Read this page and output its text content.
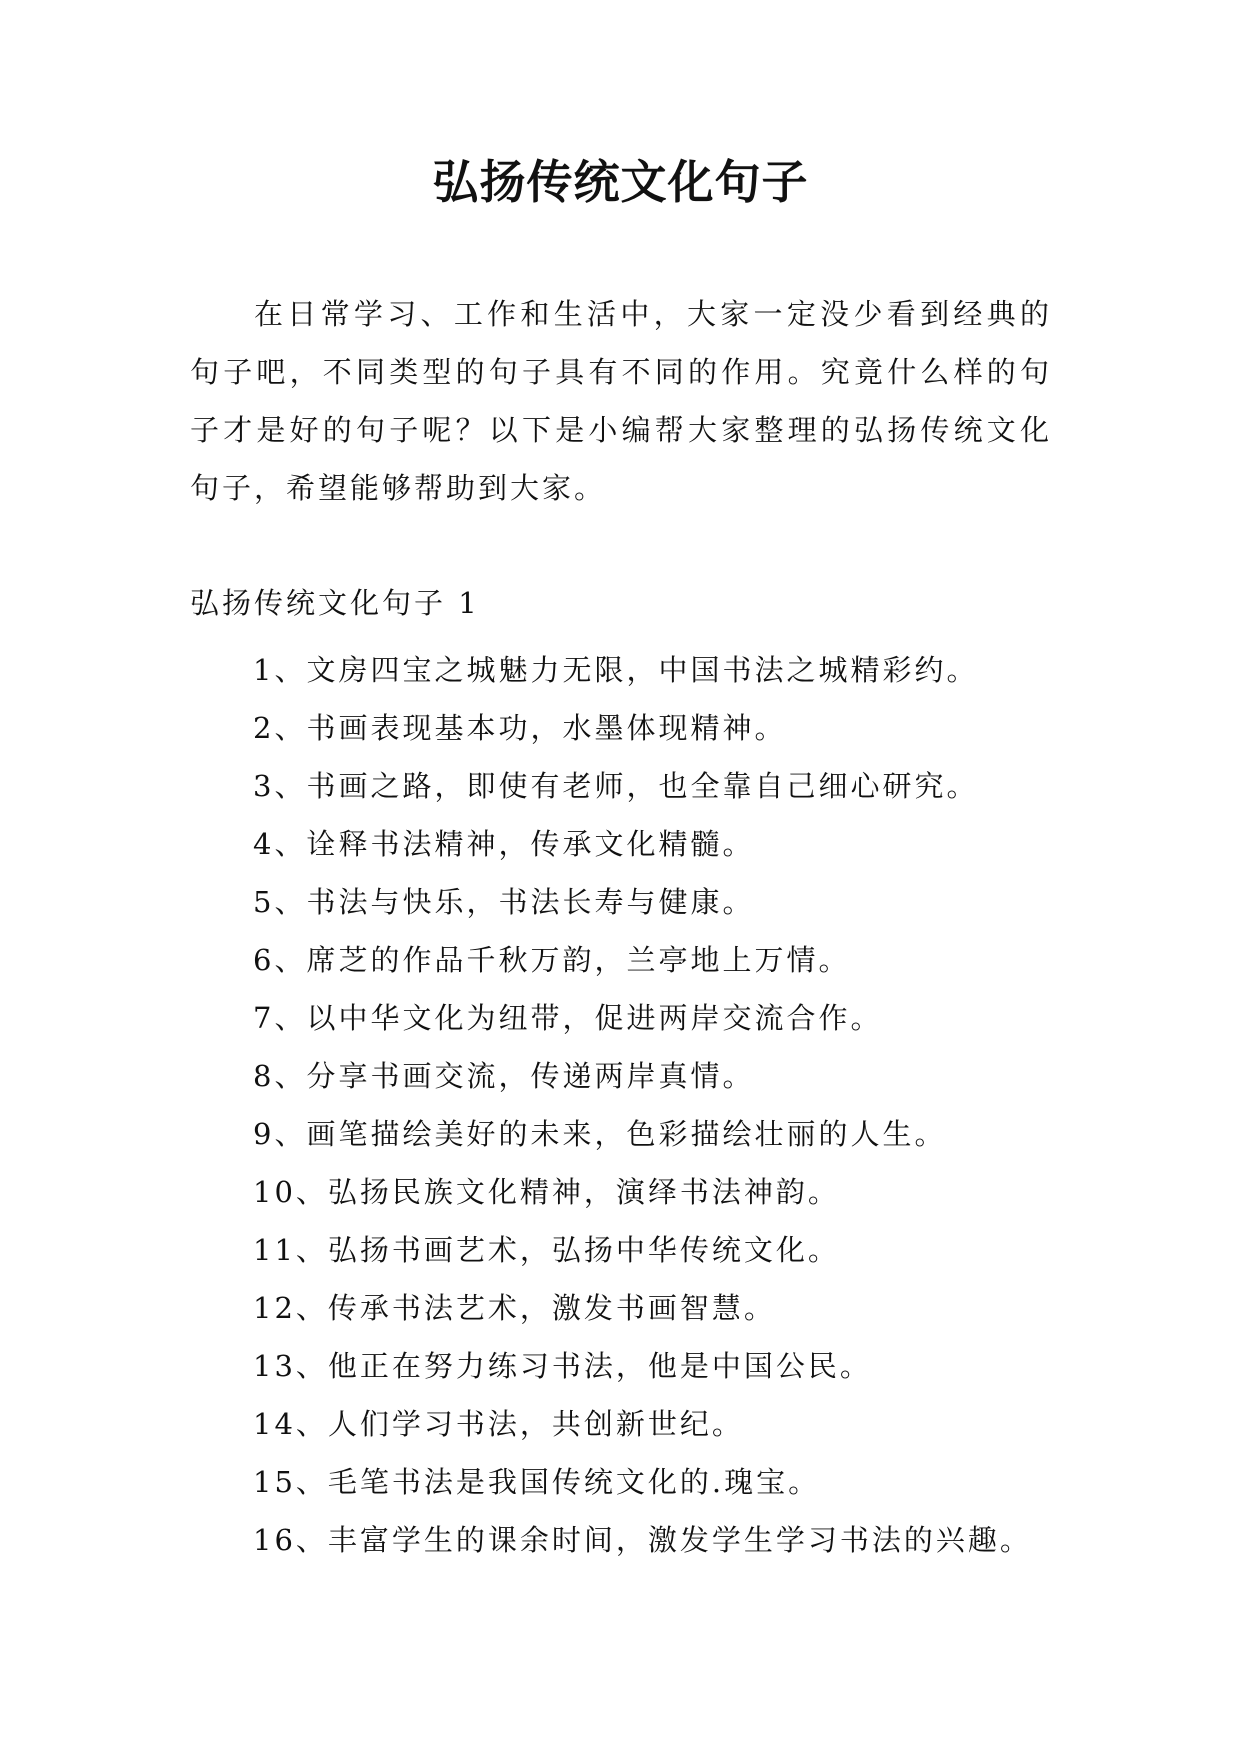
弘扬传统文化句子
在日常学习、工作和生活中，大家一定没少看到经典的句子吧，不同类型的句子具有不同的作用。究竟什么样的句子才是好的句子呢？以下是小编帮大家整理的弘扬传统文化句子，希望能够帮助到大家。
弘扬传统文化句子 1
1、文房四宝之城魅力无限，中国书法之城精彩约。
2、书画表现基本功，水墨体现精神。
3、书画之路，即使有老师，也全靠自己细心研究。
4、诠释书法精神，传承文化精髓。
5、书法与快乐，书法长寿与健康。
6、席芝的作品千秋万韵，兰亭地上万情。
7、以中华文化为纽带，促进两岸交流合作。
8、分享书画交流，传递两岸真情。
9、画笔描绘美好的未来，色彩描绘壮丽的人生。
10、弘扬民族文化精神，演绎书法神韵。
11、弘扬书画艺术，弘扬中华传统文化。
12、传承书法艺术，激发书画智慧。
13、他正在努力练习书法，他是中国公民。
14、人们学习书法，共创新世纪。
15、毛笔书法是我国传统文化的.瑰宝。
16、丰富学生的课余时间，激发学生学习书法的兴趣。
